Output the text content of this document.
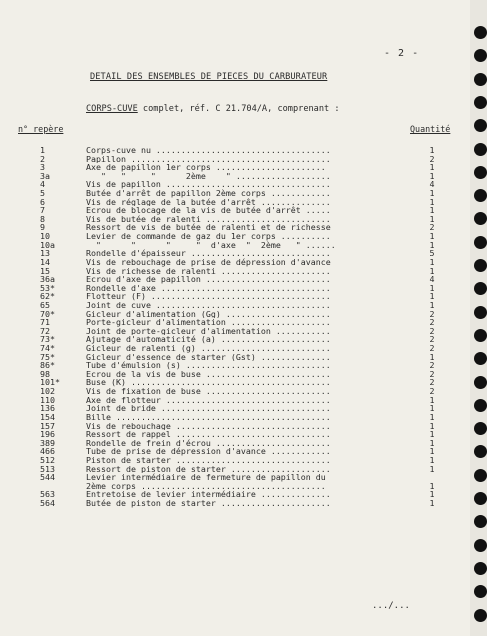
- 2 -
DETAIL DES ENSEMBLES DE PIECES DU CARBURATEUR
CORPS-CUVE complet, réf. C 21.704/A, comprenant :
n° repère	Quantité
1	Corps-cuve nu ...................................	1
2	Papillon ........................................	2
3	Axe de papillon 1er corps ......................	1
3a	"   "     "      2ème    " ...................	1
4	Vis de papillon .................................	4
5	Butée d'arrêt de papillon 2ème corps ............	1
6	Vis de réglage de la butée d'arrêt ..............	1
7	Ecrou de blocage de la vis de butée d'arrêt .....	1
8	Vis de butée de ralenti .........................	1
9	Ressort de vis de butée de ralenti et de richesse	2
10	Levier de commande de gaz du 1er corps ..........	1
10a	"      "      "     "  d'axe  "  2ème   " ......	1
13	Rondelle d'épaisseur ............................	5
14	Vis de rebouchage de prise de dépression d'avance	1
15	Vis de richesse de ralenti ......................	1
36a	Ecrou d'axe de papillon .........................	4
53*	Rondelle d'axe ..................................	1
62*	Flotteur (F) ....................................	1
65	Joint de cuve ...................................	1
70*	Gicleur d'alimentation (Gg) .....................	2
71	Porte-gicleur d'alimentation ....................	2
72	Joint de porte-gicleur d'alimentation ...........	2
73*	Ajutage d'automaticité (a) ......................	2
74*	Gicleur de ralenti (g) ..........................	2
75*	Gicleur d'essence de starter (Gst) ..............	1
86*	Tube d'émulsion (s) .............................	2
98	Ecrou de la vis de buse .........................	2
101*	Buse (K) ........................................	2
102	Vis de fixation de buse .........................	2
110	Axe de flotteur .................................	1
136	Joint de bride ..................................	1
154	Bille ...........................................	1
157	Vis de rebouchage ...............................	1
196	Ressort de rappel ...............................	1
389	Rondelle de frein d'écrou .......................	1
466	Tube de prise de dépression d'avance ............	1
512	Piston de starter ...............................	1
513	Ressort de piston de starter ....................	1
544	Levier intermédiaire de fermeture de papillon du
2ème corps .....................................	1
563	Entretoise de levier intermédiaire ..............	1
564	Butée de piston de starter ......................	1
.../...
